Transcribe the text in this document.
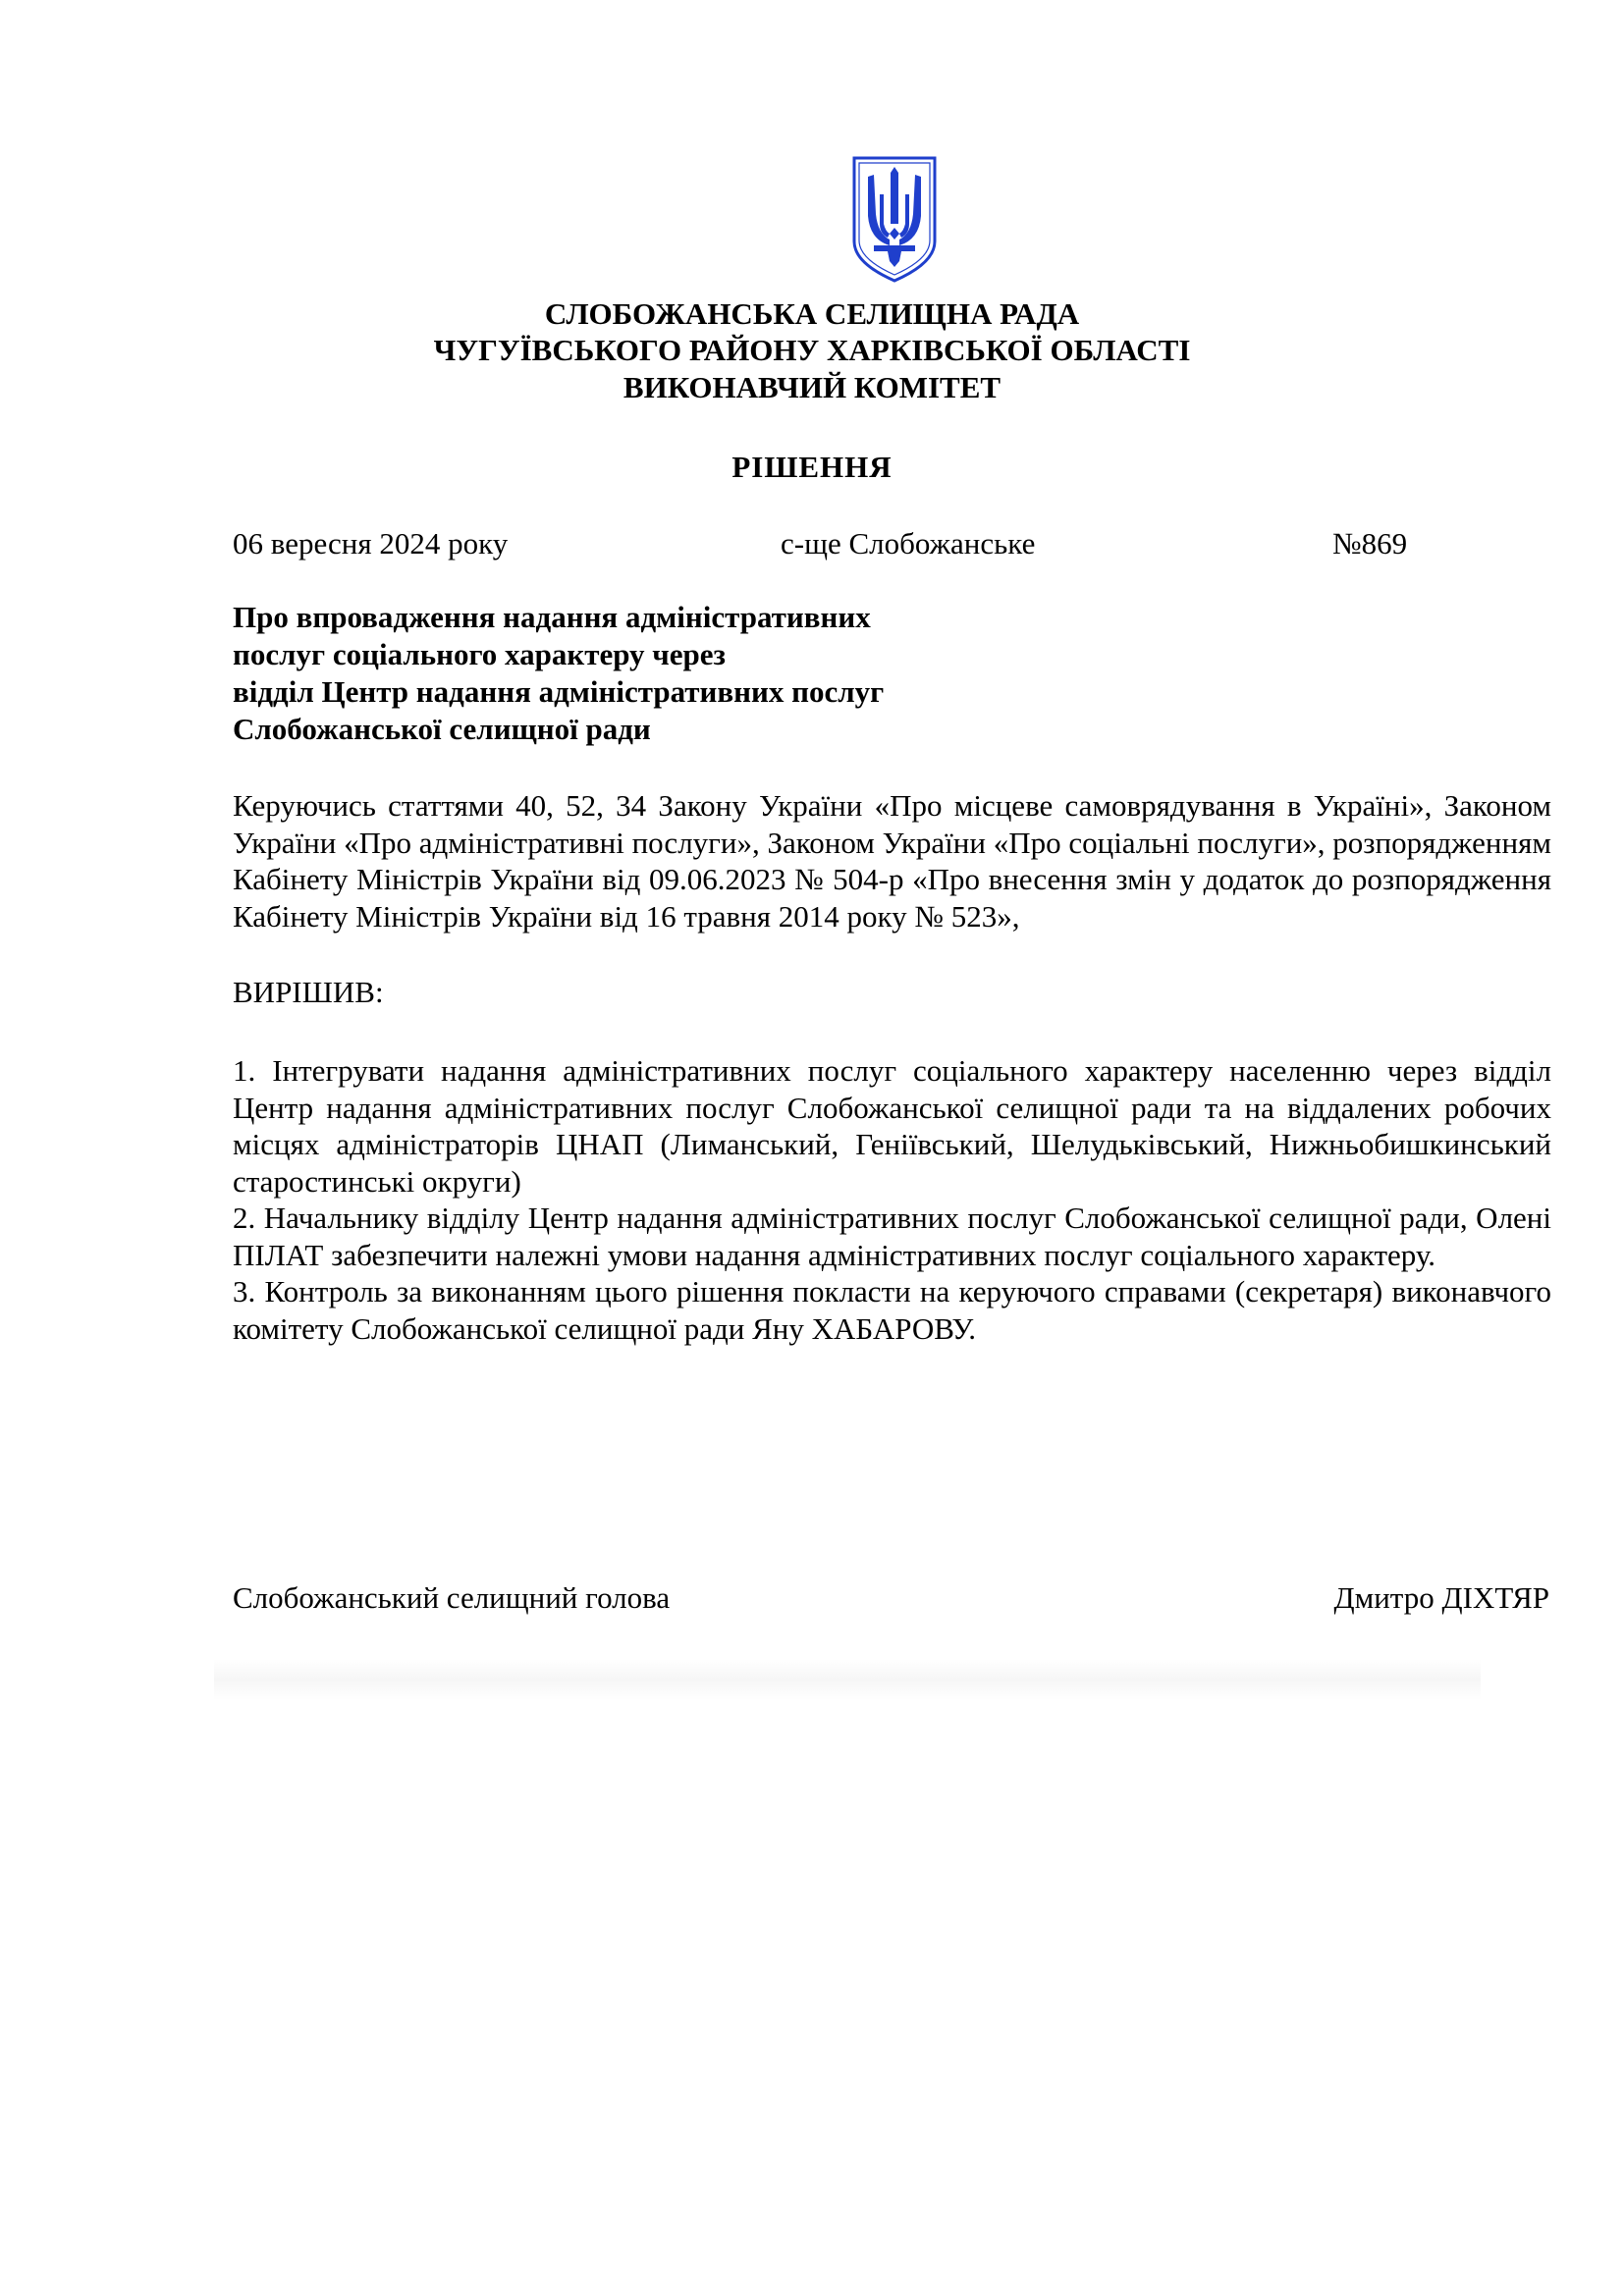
СЛОБОЖАНСЬКА СЕЛИЩНА РАДА
ЧУГУЇВСЬКОГО РАЙОНУ ХАРКІВСЬКОЇ ОБЛАСТІ
ВИКОНАВЧИЙ КОМІТЕТ
РІШЕННЯ
06 вересня 2024 року	с-ще Слобожанське	№869
Про впровадження надання адміністративних
послуг соціального характеру через
відділ Центр надання адміністративних послуг
Слобожанської селищної ради
Керуючись статтями 40, 52, 34 Закону України «Про місцеве самоврядування в Україні», Законом України «Про адміністративні послуги», Законом України «Про соціальні послуги», розпорядженням Кабінету Міністрів України від 09.06.2023 № 504-р «Про внесення змін у додаток до розпорядження Кабінету Міністрів України від 16 травня 2014 року № 523»,
ВИРІШИВ:
1. Інтегрувати надання адміністративних послуг соціального характеру населенню через відділ Центр надання адміністративних послуг Слобожанської селищної ради та на віддалених робочих місцях адміністраторів ЦНАП (Лиманський, Геніївський, Шелудьківський, Нижньобишкинський старостинські округи)
2. Начальнику відділу Центр надання адміністративних послуг Слобожанської селищної ради, Олені ПІЛАТ забезпечити належні умови надання адміністративних послуг соціального характеру.
3. Контроль за виконанням цього рішення покласти на керуючого справами (секретаря) виконавчого комітету Слобожанської селищної ради Яну ХАБАРОВУ.
Слобожанський селищний голова	Дмитро ДІХТЯР
